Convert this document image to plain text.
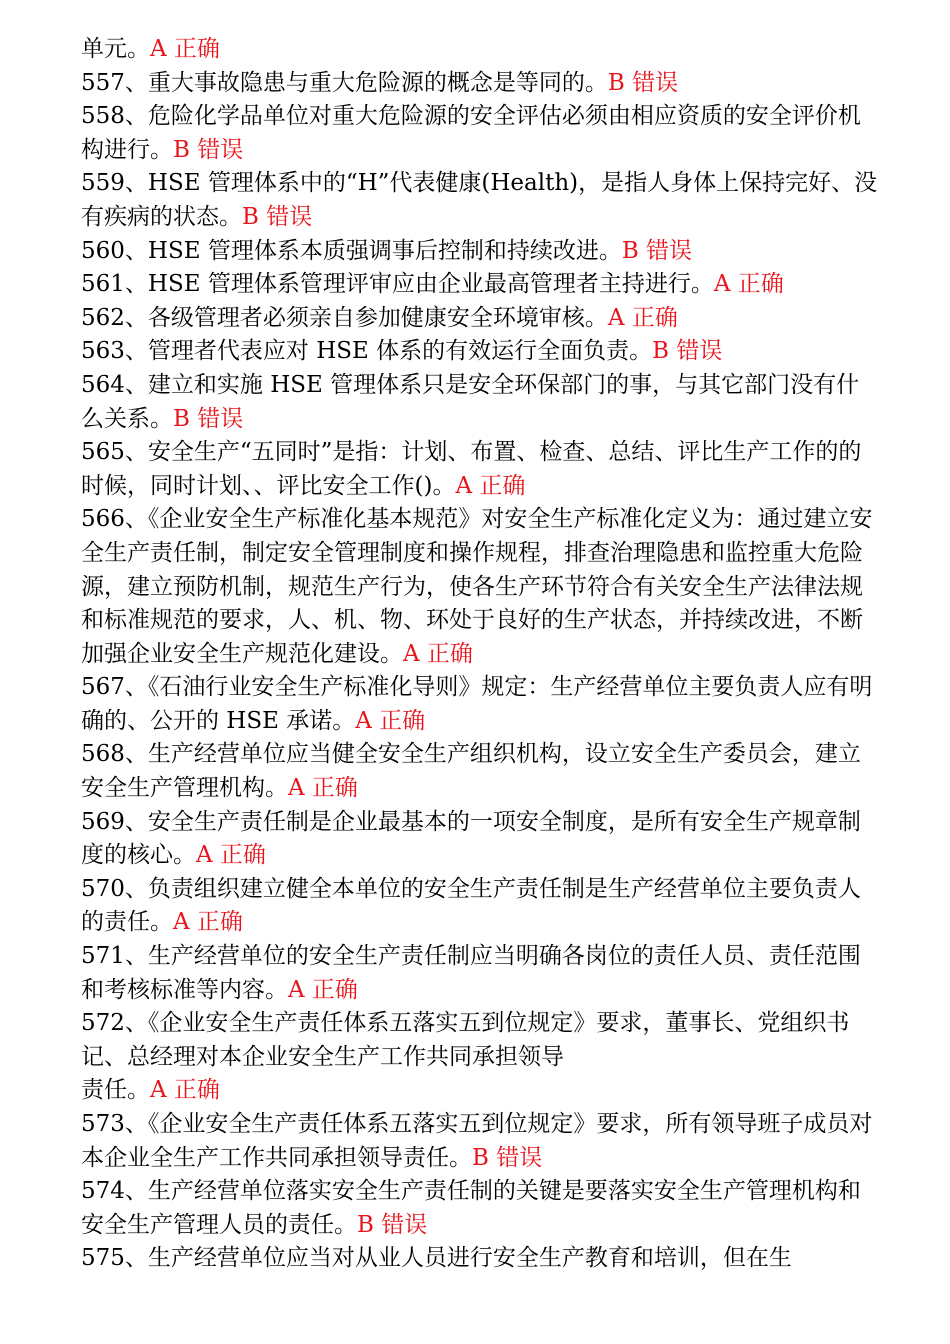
单元。A 正确

557、重大事故隐患与重大危险源的概念是等同的。B 错误

558、危险化学品单位对重大危险源的安全评估必须由相应资质的安全评价机构进行。B 错误

559、HSE 管理体系中的“H”代表健康(Health)，是指人身体上保持完好、没有疾病的状态。B 错误

560、HSE 管理体系本质强调事后控制和持续改进。B 错误

561、HSE 管理体系管理评审应由企业最高管理者主持进行。A 正确

562、各级管理者必须亲自参加健康安全环境审核。A 正确

563、管理者代表应对 HSE 体系的有效运行全面负责。B 错误

564、建立和实施 HSE 管理体系只是安全环保部门的事，与其它部门没有什么关系。B 错误

565、安全生产“五同时”是指：计划、布置、检查、总结、评比生产工作的的时候，同时计划、、评比安全工作()。A 正确

566、《企业安全生产标准化基本规范》对安全生产标准化定义为：通过建立安全生产责任制，制定安全管理制度和操作规程，排查治理隐患和监控重大危险源，建立预防机制，规范生产行为，使各生产环节符合有关安全生产法律法规和标准规范的要求，人、机、物、环处于良好的生产状态，并持续改进，不断加强企业安全生产规范化建设。A 正确

567、《石油行业安全生产标准化导则》规定：生产经营单位主要负责人应有明确的、公开的 HSE 承诺。A 正确

568、生产经营单位应当健全安全生产组织机构，设立安全生产委员会，建立安全生产管理机构。A 正确

569、安全生产责任制是企业最基本的一项安全制度，是所有安全生产规章制度的核心。A 正确

570、负责组织建立健全本单位的安全生产责任制是生产经营单位主要负责人的责任。A 正确

571、生产经营单位的安全生产责任制应当明确各岗位的责任人员、责任范围和考核标准等内容。A 正确

572、《企业安全生产责任体系五落实五到位规定》要求，董事长、党组织书记、总经理对本企业安全生产工作共同承担领导
责任。A 正确

573、《企业安全生产责任体系五落实五到位规定》要求，所有领导班子成员对本企业全生产工作共同承担领导责任。B 错误

574、生产经营单位落实安全生产责任制的关键是要落实安全生产管理机构和安全生产管理人员的责任。B 错误

575、生产经营单位应当对从业人员进行安全生产教育和培训，但在生
